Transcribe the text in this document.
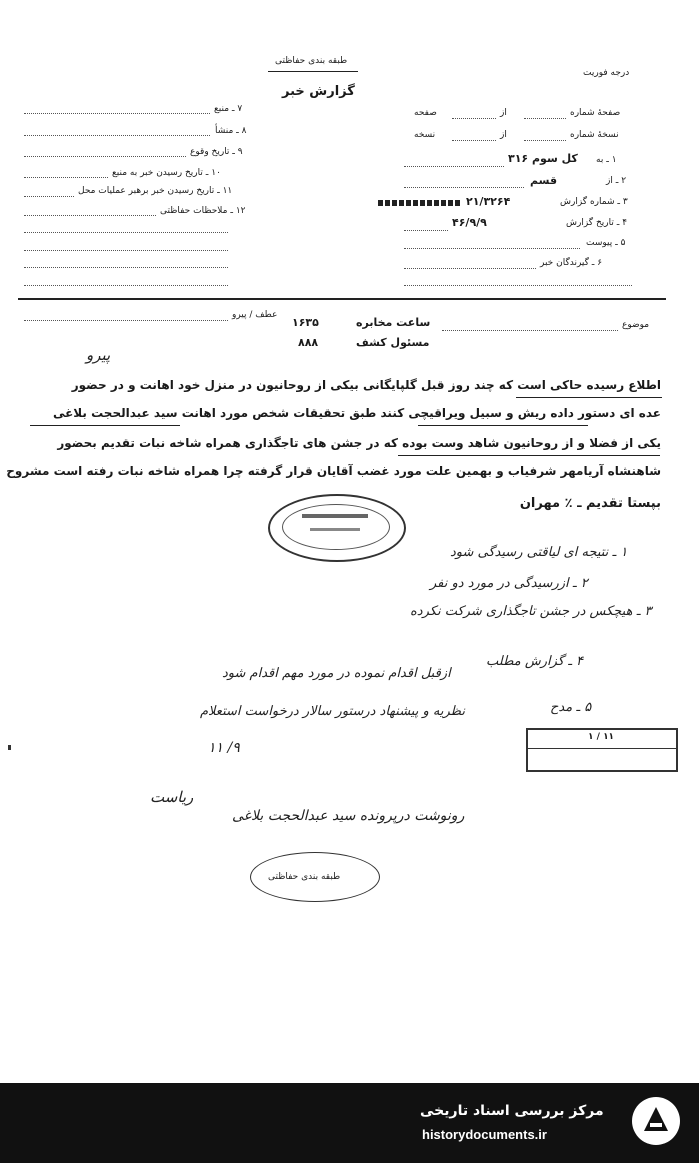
طبقه بندی حفاظتی
درجه فوریت
گزارش خبر
صفحهٔ شماره
از
صفحه
نسخهٔ شماره
از
نسخه
۱ ـ به
کل سوم ۳۱۶
۲ ـ از
قسم
۳ ـ شماره گزارش
۲۱/۳۲۶۴
۴ ـ تاریخ گزارش
۴۶/۹/۹
۵ ـ پیوست
۶ ـ گیرندگان خبر
۷ ـ منبع
۸ ـ منشأ
۹ ـ تاریخ وقوع
۱۰ ـ تاریخ رسیدن خبر به منبع
۱۱ ـ تاریخ رسیدن خبر برهبر عملیات محل
۱۲ ـ ملاحظات حفاظتی
موضوع
عطف / پیرو
ساعت مخابره
۱۶۳۵
مسئول کشف
۸۸۸
پیرو
اطلاع رسیده حاکی است که چند روز قبل گلپایگانی بیکی از روحانیون در منزل خود اهانت و در حضور
عده ای دستور داده ریش و سبیل ویراقیچی کنند طبق تحقیقات شخص مورد اهانت سید عبدالحجت بلاغی
یکی از فضلا و از روحانیون شاهد وست بوده که در جشن های تاجگذاری همراه شاخه نبات تقدیم بحضور
شاهنشاه آریامهر شرفیاب و بهمین علت مورد غضب آقایان قرار گرفته چرا همراه شاخه نبات رفته است مشروح
بپستا تقدیم ـ ٪ مهران
۱ ـ نتیجه ای لیاقتی رسیدگی شود
۲ ـ ازرسیدگی در مورد دو نفر
۳ ـ هیچکس در جشن تاجگذاری شرکت نکرده
۴ ـ گزارش مطلب
۵ ـ مدح
ازقبل اقدام نموده در مورد مهم اقدام شود
نظریه و پیشنهاد درستور سالار درخواست استعلام
۹/ ۱۱
ریاست
رونوشت درپرونده سید عبدالحجت بلاغی
۱۱ / ۱
طبقه بندی حفاظتی
مرکز بررسی اسناد تاریخی
historydocuments.ir
